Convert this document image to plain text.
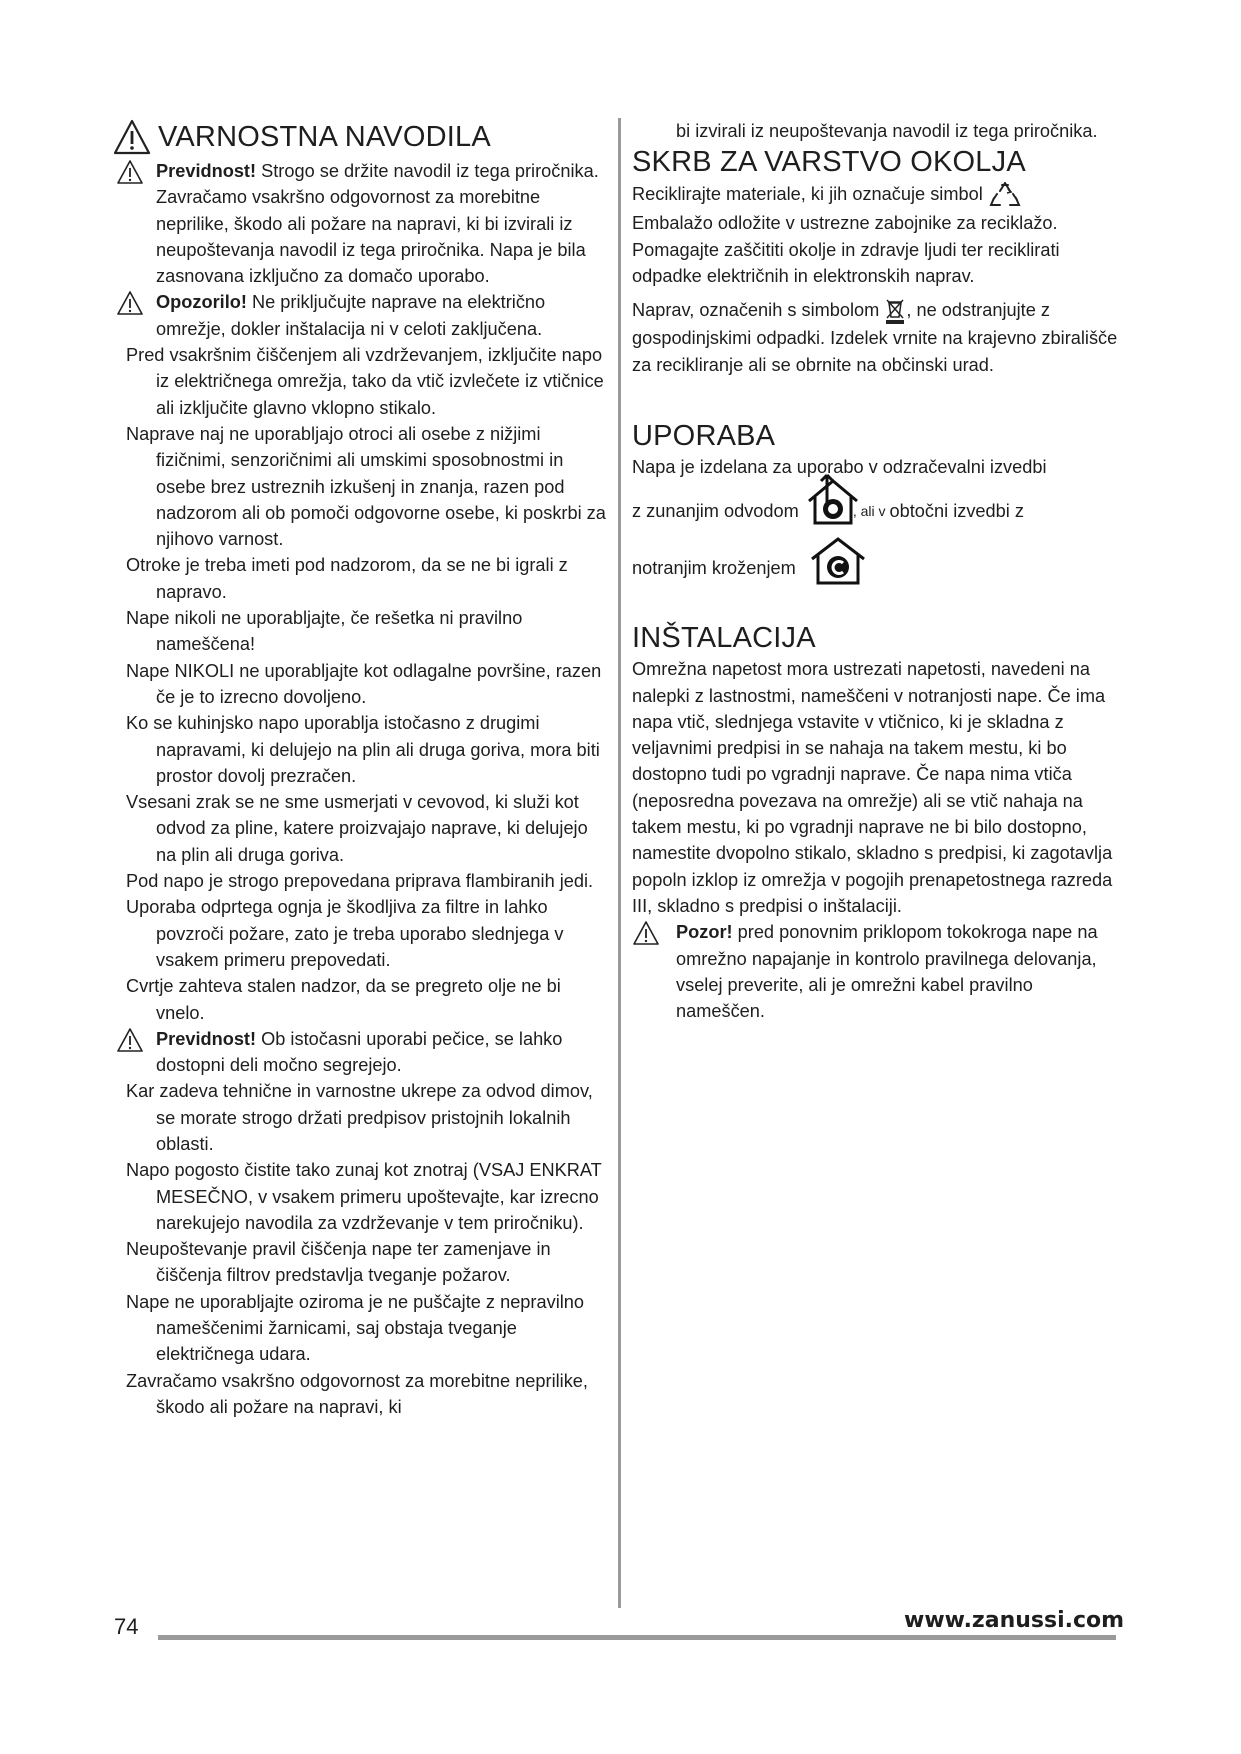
VARNOSTNA NAVODILA
Previdnost! Strogo se držite navodil iz tega priročnika. Zavračamo vsakršno odgovornost za morebitne neprilike, škodo ali požare na napravi, ki bi izvirali iz neupoštevanja navodil iz tega priročnika. Napa je bila zasnovana izključno za domačo uporabo.
Opozorilo! Ne priključujte naprave na električno omrežje, dokler inštalacija ni v celoti zaključena.

Pred vsakršnim čiščenjem ali vzdrževanjem, izključite napo iz električnega omrežja, tako da vtič izvlečete iz vtičnice ali izključite glavno vklopno stikalo.

Naprave naj ne uporabljajo otroci ali osebe z nižjimi fizičnimi, senzoričnimi ali umskimi sposobnostmi in osebe brez ustreznih izkušenj in znanja, razen pod nadzorom ali ob pomoči odgovorne osebe, ki poskrbi za njihovo varnost.

Otroke je treba imeti pod nadzorom, da se ne bi igrali z napravo.

Nape nikoli ne uporabljajte, če rešetka ni pravilno nameščena!

Nape NIKOLI ne uporabljajte kot odlagalne površine, razen če je to izrecno dovoljeno.

Ko se kuhinjsko napo uporablja istočasno z drugimi napravami, ki delujejo na plin ali druga goriva, mora biti prostor dovolj prezračen.

Vsesani zrak se ne sme usmerjati v cevovod, ki služi kot odvod za pline, katere proizvajajo naprave, ki delujejo na plin ali druga goriva.

Pod napo je strogo prepovedana priprava flambiranih jedi.

Uporaba odprtega ognja je škodljiva za filtre in lahko povzroči požare, zato je treba uporabo slednjega v vsakem primeru prepovedati.

Cvrtje zahteva stalen nadzor, da se pregreto olje ne bi vnelo.

Previdnost! Ob istočasni uporabi pečice, se lahko dostopni deli močno segrejejo.

Kar zadeva tehnične in varnostne ukrepe za odvod dimov, se morate strogo držati predpisov pristojnih lokalnih oblasti.

Napo pogosto čistite tako zunaj kot znotraj (VSAJ ENKRAT MESEČNO, v vsakem primeru upoštevajte, kar izrecno narekujejo navodila za vzdrževanje v tem priročniku).

Neupoštevanje pravil čiščenja nape ter zamenjave in čiščenja filtrov predstavlja tveganje požarov.

Nape ne uporabljajte oziroma je ne puščajte z nepravilno nameščenimi žarnicami, saj obstaja tveganje električnega udara.

Zavračamo vsakršno odgovornost za morebitne neprilike, škodo ali požare na napravi, ki

bi izvirali iz neupoštevanja navodil iz tega priročnika.

SKRB ZA VARSTVO OKOLJA

Reciklirajte materiale, ki jih označuje simbol
Embalažo odložite v ustrezne zabojnike za reciklažo. Pomagajte zaščititi okolje in zdravje ljudi ter reciklirati odpadke električnih in elektronskih naprav.

Naprav, označenih s simbolom , ne odstranjujte z gospodinjskimi odpadki. Izdelek vrnite na krajevno zbirališče za recikliranje ali se obrnite na občinski urad.

UPORABA

Napa je izdelana za uporabo v odzračevalni izvedbi

z zunanjim odvodom	, ali v obtočni izvedbi z
notranjim kroženjem
INŠTALACIJA

Omrežna napetost mora ustrezati napetosti, navedeni na nalepki z lastnostmi, nameščeni v notranjosti nape. Če ima napa vtič, slednjega vstavite v vtičnico, ki je skladna z veljavnimi predpisi in se nahaja na takem mestu, ki bo dostopno tudi po vgradnji naprave. Če napa nima vtiča (neposredna povezava na omrežje) ali se vtič nahaja na takem mestu, ki po vgradnji naprave ne bi bilo dostopno, namestite dvopolno stikalo, skladno s predpisi, ki zagotavlja popoln izklop iz omrežja v pogojih prenapetostnega razreda III, skladno s predpisi o inštalaciji.

Pozor! pred ponovnim priklopom tokokroga nape na omrežno napajanje in kontrolo pravilnega delovanja, vselej preverite, ali je omrežni kabel pravilno nameščen.
74	www.zanussi.com
